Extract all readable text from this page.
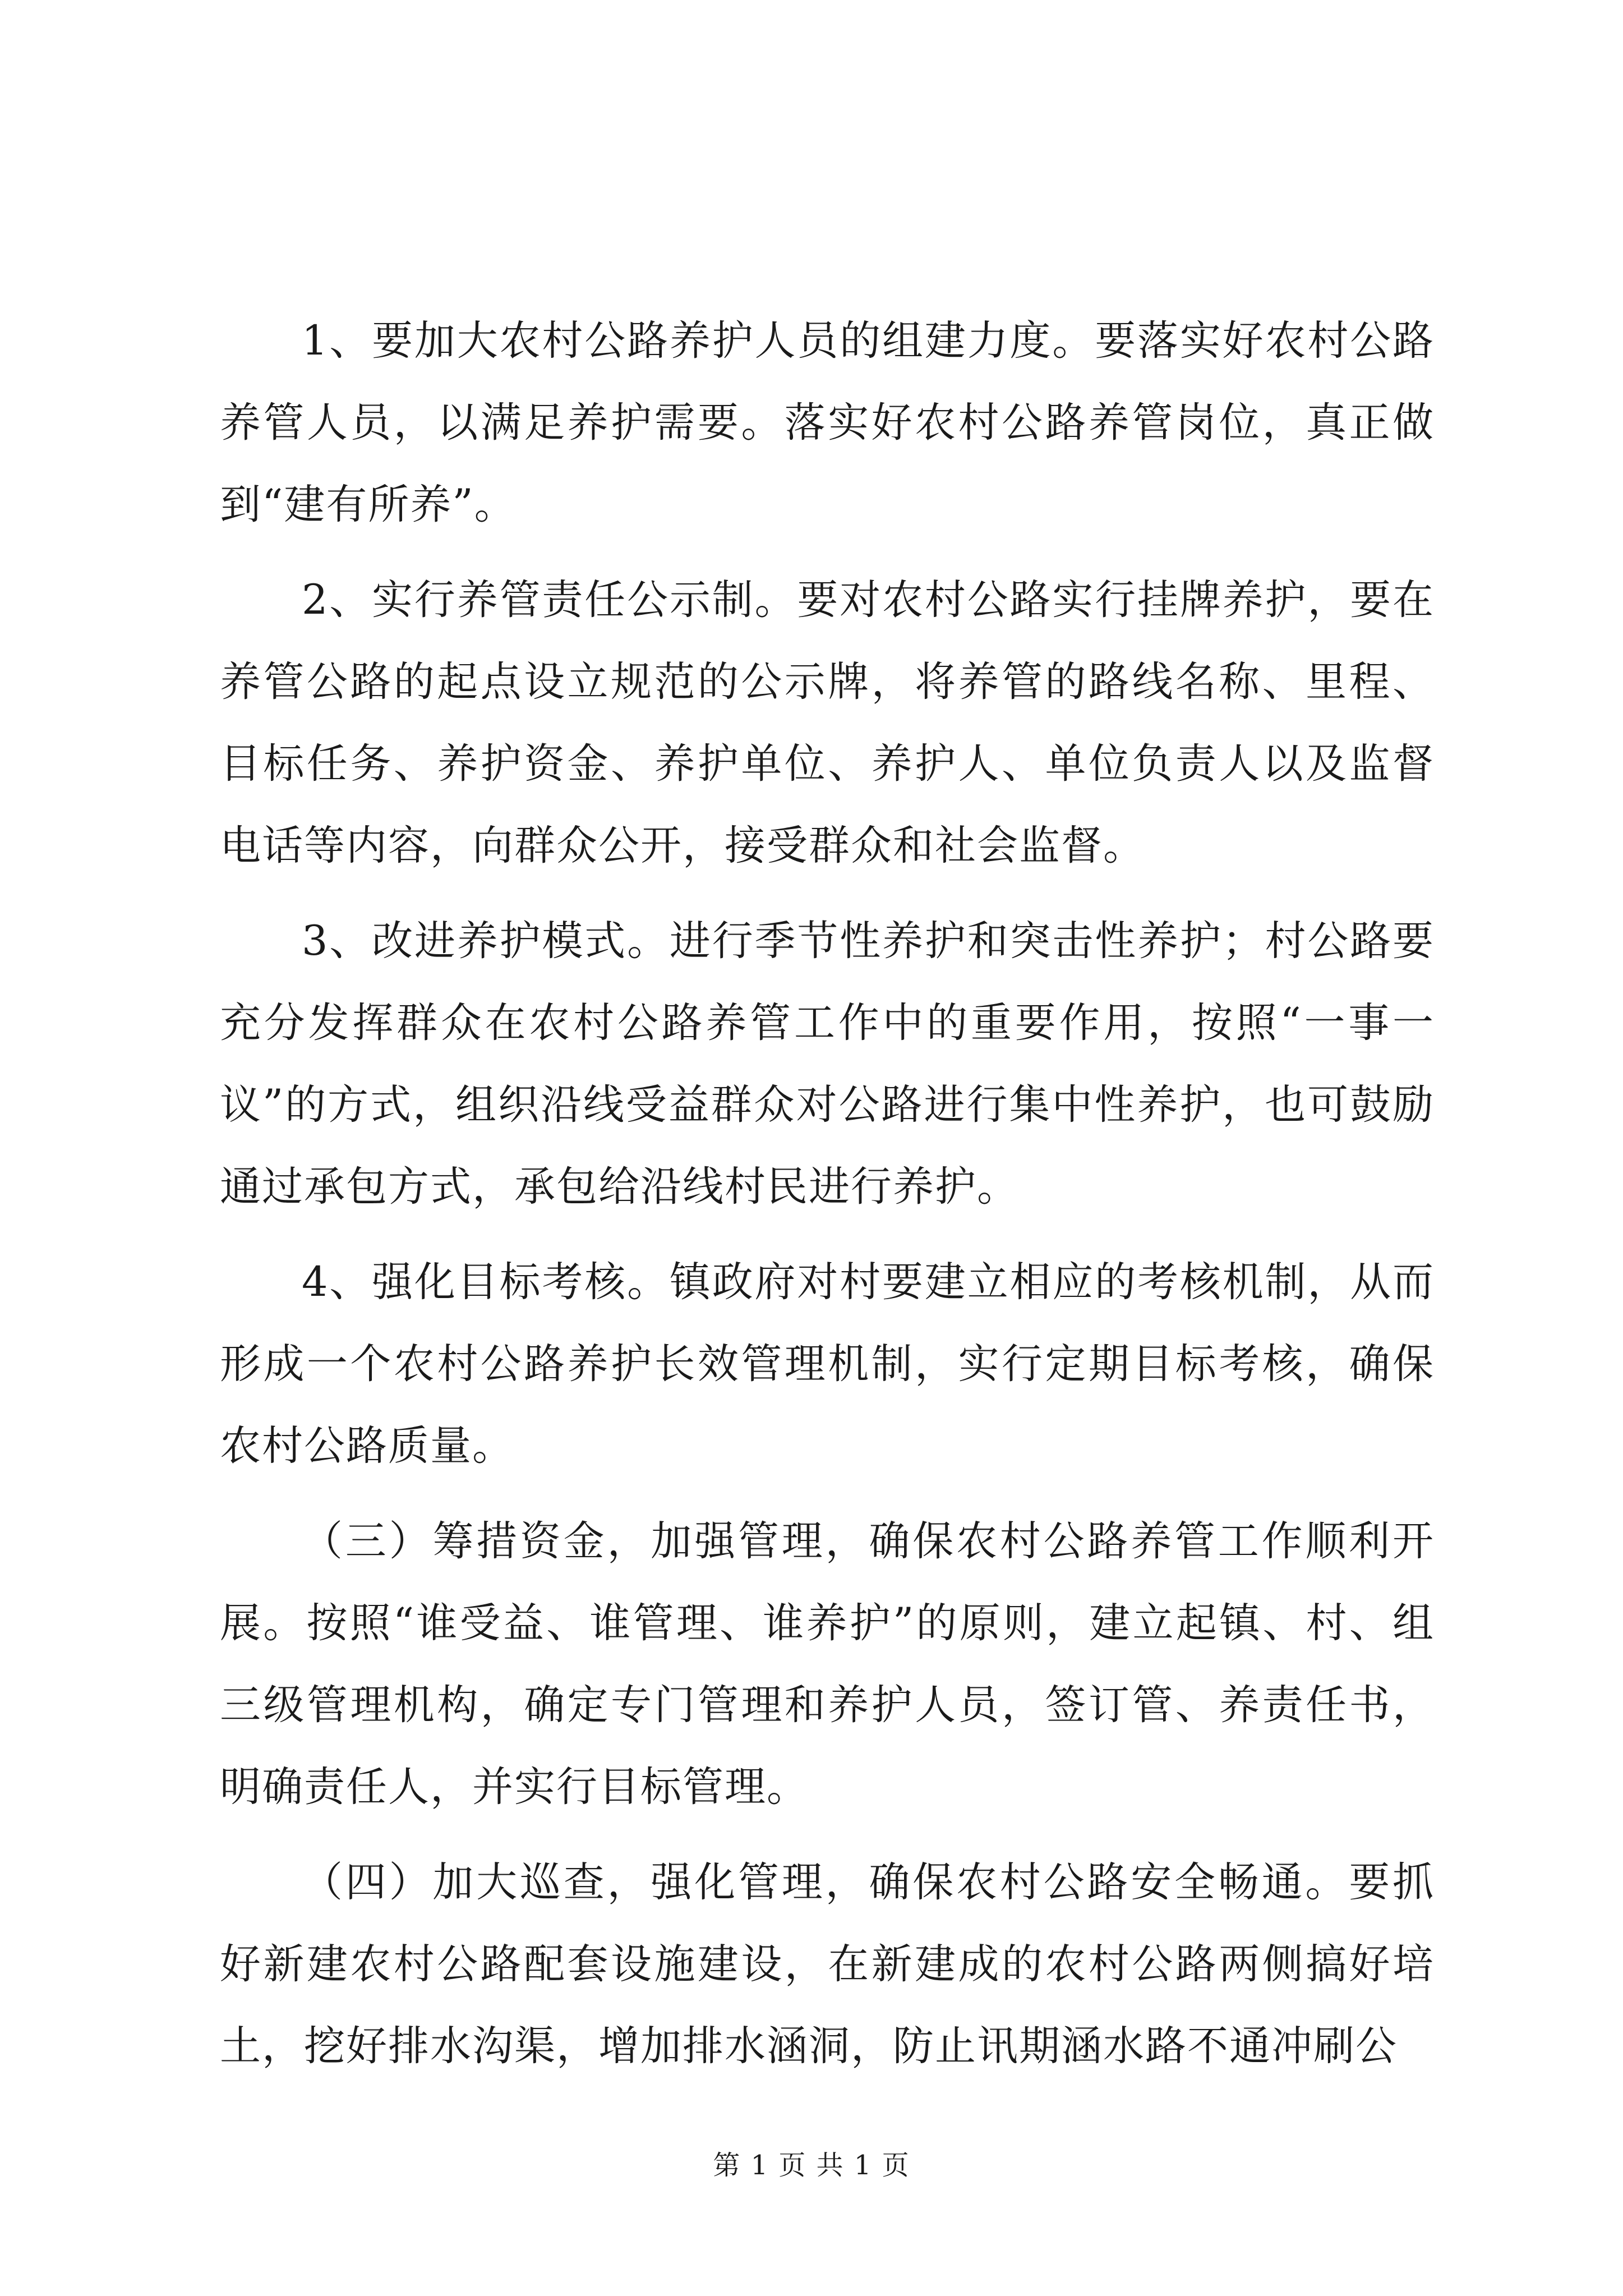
1、要加大农村公路养护人员的组建力度。要落实好农村公路养管人员，以满足养护需要。落实好农村公路养管岗位，真正做到“建有所养”。

2、实行养管责任公示制。要对农村公路实行挂牌养护，要在养管公路的起点设立规范的公示牌，将养管的路线名称、里程、目标任务、养护资金、养护单位、养护人、单位负责人以及监督电话等内容，向群众公开，接受群众和社会监督。

3、改进养护模式。进行季节性养护和突击性养护；村公路要充分发挥群众在农村公路养管工作中的重要作用，按照“一事一议”的方式，组织沿线受益群众对公路进行集中性养护，也可鼓励通过承包方式，承包给沿线村民进行养护。

4、强化目标考核。镇政府对村要建立相应的考核机制，从而形成一个农村公路养护长效管理机制，实行定期目标考核，确保农村公路质量。

（三）筹措资金，加强管理，确保农村公路养管工作顺利开展。按照“谁受益、谁管理、谁养护”的原则，建立起镇、村、组三级管理机构，确定专门管理和养护人员，签订管、养责任书，明确责任人，并实行目标管理。

（四）加大巡查，强化管理，确保农村公路安全畅通。要抓好新建农村公路配套设施建设，在新建成的农村公路两侧搞好培土，挖好排水沟渠，增加排水涵洞，防止讯期涵水路不通冲刷公

第 1 页 共 1 页
